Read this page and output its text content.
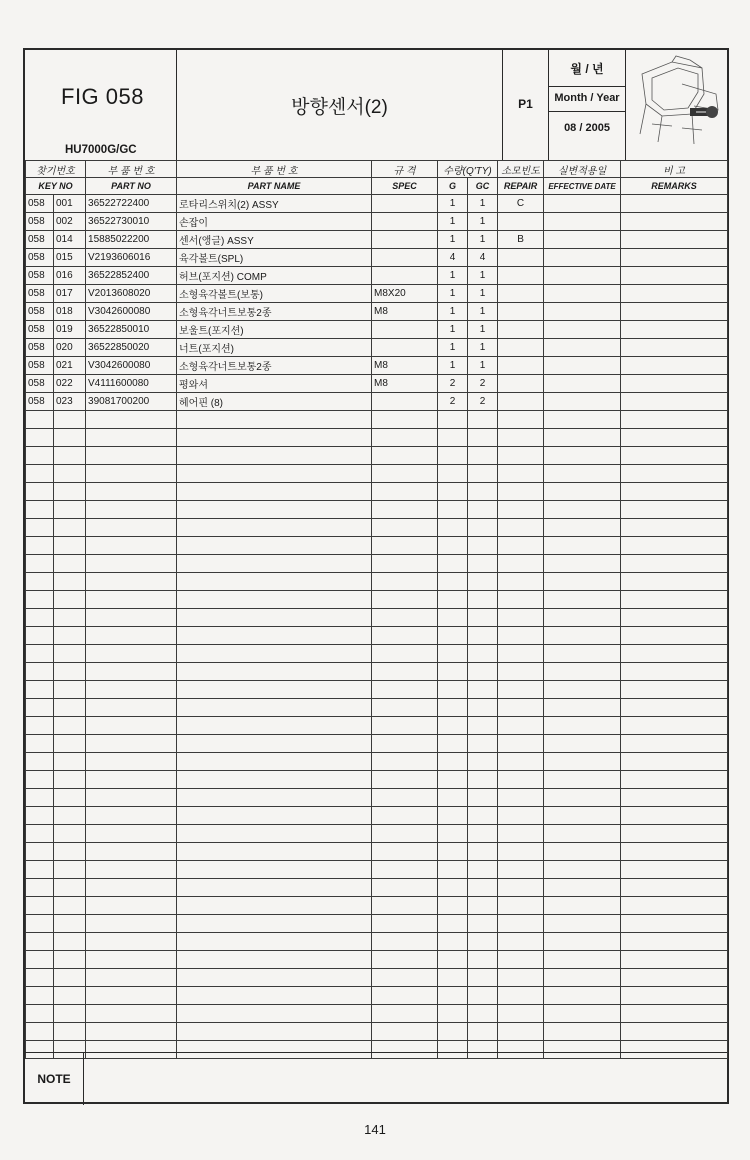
FIG 058
HU7000G/GC
방향센서(2)	P1
월 / 년
Month / Year
08 / 2005
찾기번호		부 품 번 호	부 품 번 호	규 격	수량(Q'TY)		소모빈도	실변적용일	비 고
KEY NO		PART NO	PART NAME	SPEC	G	GC	REPAIR	EFFECTIVE DATE	REMARKS
058	001	36522722400	로타리스위치(2) ASSY		1	1	C		
058	002	36522730010	손잡이		1	1			
058	014	15885022200	센서(앵글) ASSY		1	1	B		
058	015	V2193606016	육각볼트(SPL)		4	4			
058	016	36522852400	허브(포지션) COMP		1	1			
058	017	V2013608020	소형육각볼트(보통)	M8X20	1	1			
058	018	V3042600080	소형육각너트보통2종	M8	1	1			
058	019	36522850010	보울트(포지션)		1	1			
058	020	36522850020	너트(포지션)		1	1			
058	021	V3042600080	소형육각너트보통2종	M8	1	1			
058	022	V4111600080	평와셔	M8	2	2			
058	023	39081700200	헤어핀 (8)		2	2			

NOTE
141
